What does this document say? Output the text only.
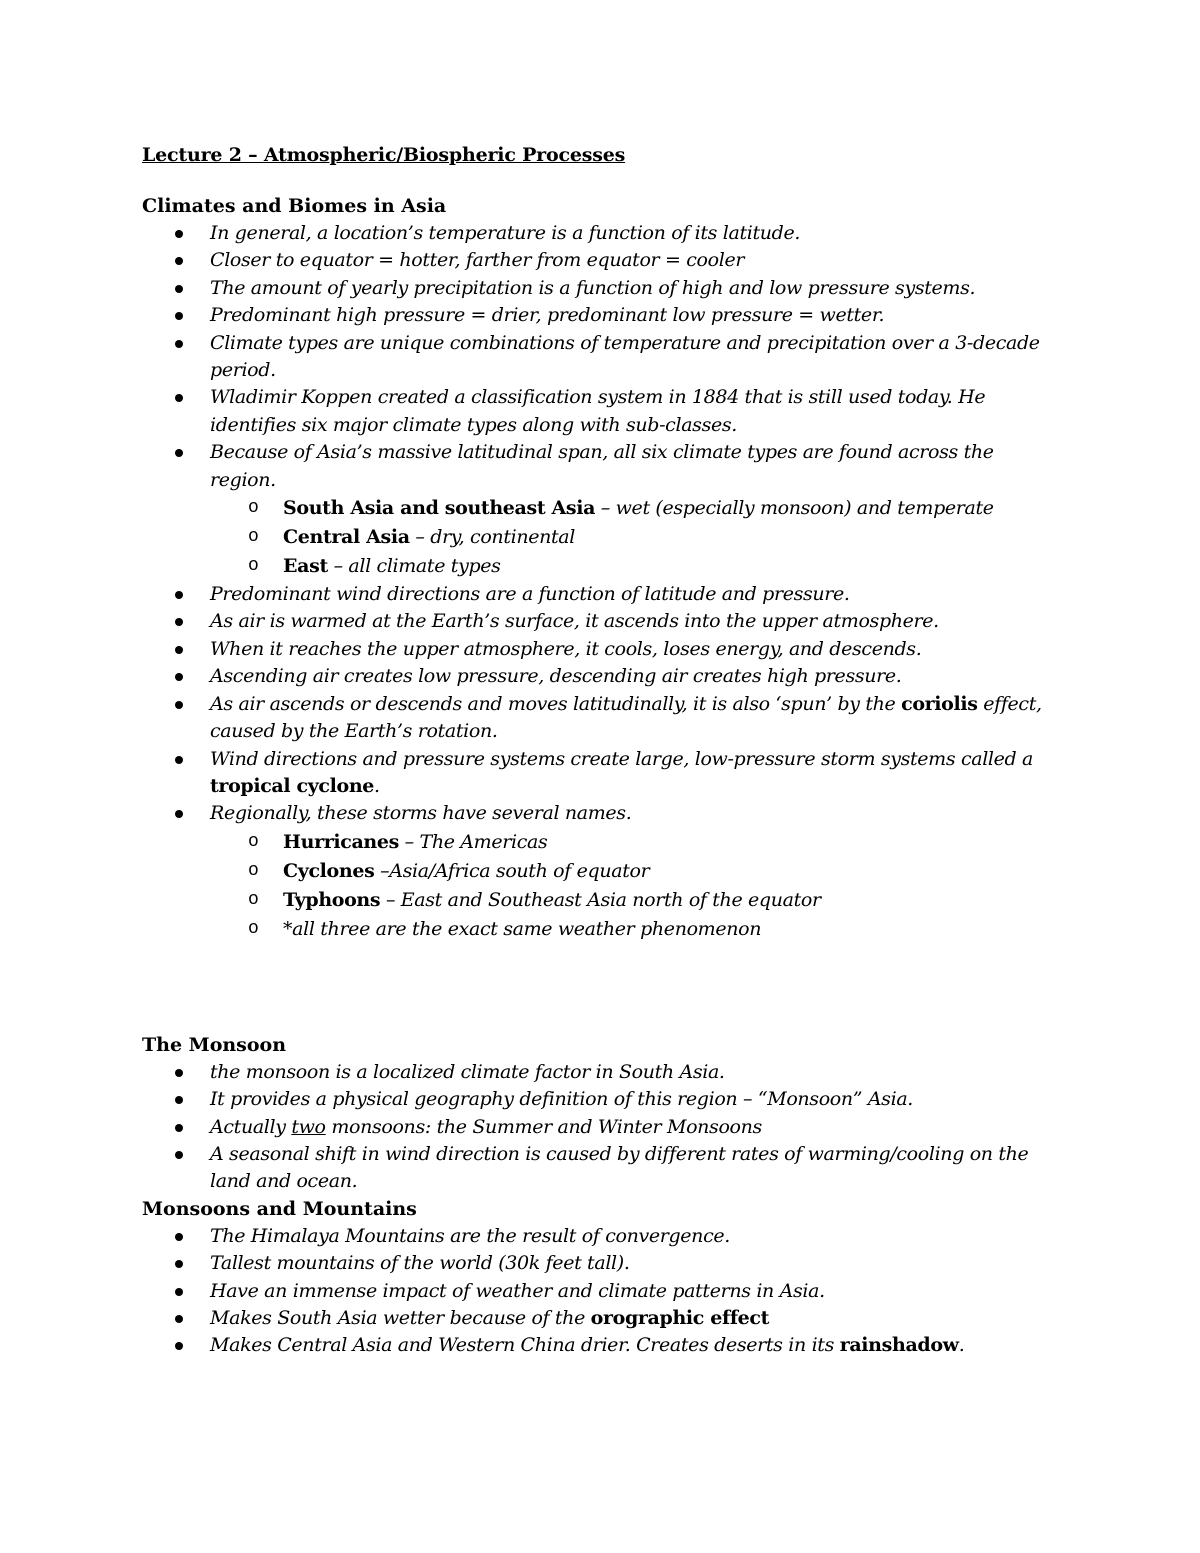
Lecture 2 – Atmospheric/Biospheric Processes
Climates and Biomes in Asia
In general, a location’s temperature is a function of its latitude.
Closer to equator = hotter, farther from equator = cooler
The amount of yearly precipitation is a function of high and low pressure systems.
Predominant high pressure = drier, predominant low pressure = wetter.
Climate types are unique combinations of temperature and precipitation over a 3-decade period.
Wladimir Koppen created a classification system in 1884 that is still used today. He identifies six major climate types along with sub-classes.
Because of Asia’s massive latitudinal span, all six climate types are found across the region.
o South Asia and southeast Asia – wet (especially monsoon) and temperate
o Central Asia – dry, continental
o East – all climate types
Predominant wind directions are a function of latitude and pressure.
As air is warmed at the Earth’s surface, it ascends into the upper atmosphere.
When it reaches the upper atmosphere, it cools, loses energy, and descends.
Ascending air creates low pressure, descending air creates high pressure.
As air ascends or descends and moves latitudinally, it is also ‘spun’ by the coriolis effect, caused by the Earth’s rotation.
Wind directions and pressure systems create large, low-pressure storm systems called a tropical cyclone.
Regionally, these storms have several names.
o Hurricanes – The Americas
o Cyclones –Asia/Africa south of equator
o Typhoons – East and Southeast Asia north of the equator
o *all three are the exact same weather phenomenon
The Monsoon
the monsoon is a localized climate factor in South Asia.
It provides a physical geography definition of this region – “Monsoon” Asia.
Actually two monsoons: the Summer and Winter Monsoons
A seasonal shift in wind direction is caused by different rates of warming/cooling on the land and ocean.
Monsoons and Mountains
The Himalaya Mountains are the result of convergence.
Tallest mountains of the world (30k feet tall).
Have an immense impact of weather and climate patterns in Asia.
Makes South Asia wetter because of the orographic effect
Makes Central Asia and Western China drier. Creates deserts in its rainshadow.
